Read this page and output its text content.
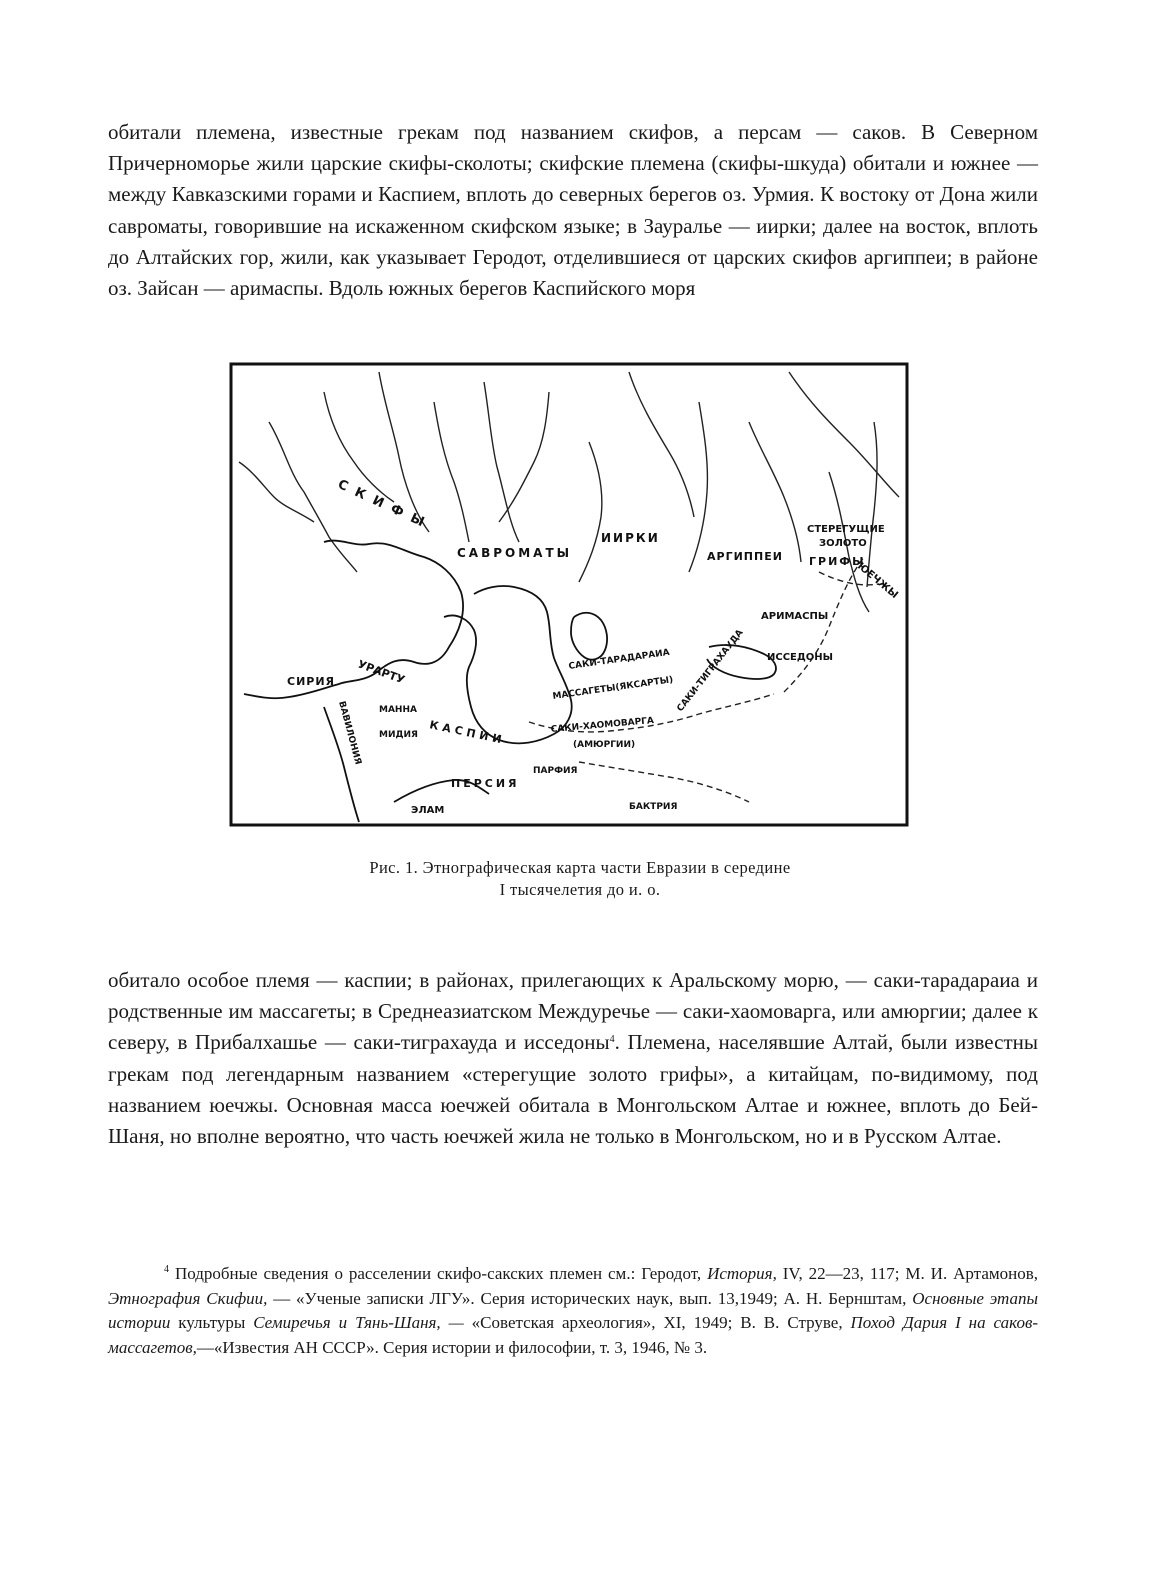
обитали племена, известные грекам под названием скифов, а персам — саков. В Северном Причерноморье жили царские скифы-сколоты; скифские племена (скифы-шкуда) обитали и южнее — между Кавказскими горами и Каспием, вплоть до северных берегов оз. Урмия. К востоку от Дона жили савроматы, говорившие на искаженном скифском языке; в Зауралье — иирки; далее на восток, вплоть до Алтайских гор, жили, как указывает Геродот, отделившиеся от царских скифов аргиппеи; в районе оз. Зайсан — аримаспы. Вдоль южных берегов Каспийского моря

СКИФЫ
САВРОМАТЫ
ИИРКИ
АРГИППЕИ
СТЕРЕГУЩИЕ
ЗОЛОТО
ГРИФЫ
ЮЕЧЖЫ
АРИМАСПЫ
ИССЕДОНЫ
САКИ-ТАРАДАРАИА
МАССАГЕТЫ(ЯКСАРТЫ) САКИ-ТИГРАХАУДА
СИРИЯ УРАРТУ
МАННА
МИДИЯ КАСПИИ
ВАВИЛОНИЯ	САКИ-ХАОМОВАРГА
(АМЮРГИИ)
ПАРФИЯ
ПЕРСИЯ
ЭЛАМ	БАКТРИЯ

Рис. 1. Этнографическая карта части Евразии в середине
I тысячелетия до и. о.

обитало особое племя — каспии; в районах, прилегающих к Аральскому морю, — саки-тарадараиа и родственные им массагеты; в Среднеазиатском Междуречье — саки-хаомоварга, или амюргии; далее к северу, в Прибалхашье — саки-тиграхауда и исседоны$^4$. Племена, населявшие Алтай, были известны грекам под легендарным названием «стерегущие золото грифы», а китайцам, по-видимому, под названием юечжы. Основная масса юечжей обитала в Монгольском Алтае и южнее, вплоть до Бей-Шаня, но вполне вероятно, что часть юечжей жила не только в Монгольском, но и в Русском Алтае.

$^4$ Подробные сведения о расселении скифо-сакских племен см.: Геродот, История, IV, 22—23, 117; М. И. Артамонов, Этнография Скифии, — «Ученые записки ЛГУ». Серия исторических наук, вып. 13,1949; А. Н. Бернштам, Основные этапы истории культуры Семиречья и Тянь-Шаня, — «Советская археология», XI, 1949; В. В. Струве, Поход Дария I на саков-массагетов,—«Известия АН СССР». Серия истории и философии, т. 3, 1946, № 3.
